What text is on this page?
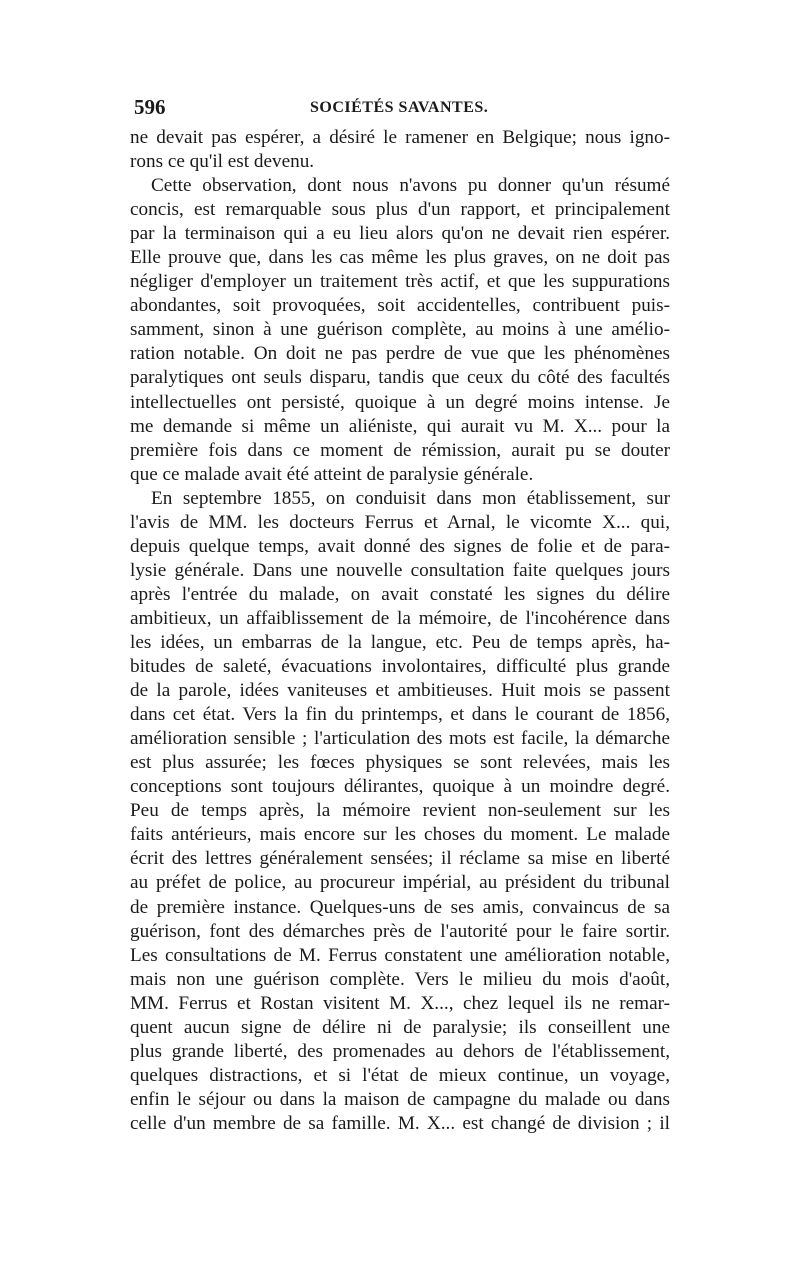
596	SOCIÉTÉS SAVANTES.
ne devait pas espérer, a désiré le ramener en Belgique; nous igno-
rons ce qu'il est devenu.
Cette observation, dont nous n'avons pu donner qu'un résumé
concis, est remarquable sous plus d'un rapport, et principalement
par la terminaison qui a eu lieu alors qu'on ne devait rien espérer.
Elle prouve que, dans les cas même les plus graves, on ne doit pas
négliger d'employer un traitement très actif, et que les suppurations
abondantes, soit provoquées, soit accidentelles, contribuent puis-
samment, sinon à une guérison complète, au moins à une amélio-
ration notable. On doit ne pas perdre de vue que les phénomènes
paralytiques ont seuls disparu, tandis que ceux du côté des facultés
intellectuelles ont persisté, quoique à un degré moins intense. Je
me demande si même un aliéniste, qui aurait vu M. X... pour la
première fois dans ce moment de rémission, aurait pu se douter
que ce malade avait été atteint de paralysie générale.
En septembre 1855, on conduisit dans mon établissement, sur
l'avis de MM. les docteurs Ferrus et Arnal, le vicomte X... qui,
depuis quelque temps, avait donné des signes de folie et de para-
lysie générale. Dans une nouvelle consultation faite quelques jours
après l'entrée du malade, on avait constaté les signes du délire
ambitieux, un affaiblissement de la mémoire, de l'incohérence dans
les idées, un embarras de la langue, etc. Peu de temps après, ha-
bitudes de saleté, évacuations involontaires, difficulté plus grande
de la parole, idées vaniteuses et ambitieuses. Huit mois se passent
dans cet état. Vers la fin du printemps, et dans le courant de 1856,
amélioration sensible ; l'articulation des mots est facile, la démarche
est plus assurée; les fœces physiques se sont relevées, mais les
conceptions sont toujours délirantes, quoique à un moindre degré.
Peu de temps après, la mémoire revient non-seulement sur les
faits antérieurs, mais encore sur les choses du moment. Le malade
écrit des lettres généralement sensées; il réclame sa mise en liberté
au préfet de police, au procureur impérial, au président du tribunal
de première instance. Quelques-uns de ses amis, convaincus de sa
guérison, font des démarches près de l'autorité pour le faire sortir.
Les consultations de M. Ferrus constatent une amélioration notable,
mais non une guérison complète. Vers le milieu du mois d'août,
MM. Ferrus et Rostan visitent M. X..., chez lequel ils ne remar-
quent aucun signe de délire ni de paralysie; ils conseillent une
plus grande liberté, des promenades au dehors de l'établissement,
quelques distractions, et si l'état de mieux continue, un voyage,
enfin le séjour ou dans la maison de campagne du malade ou dans
celle d'un membre de sa famille. M. X... est changé de division ; il
